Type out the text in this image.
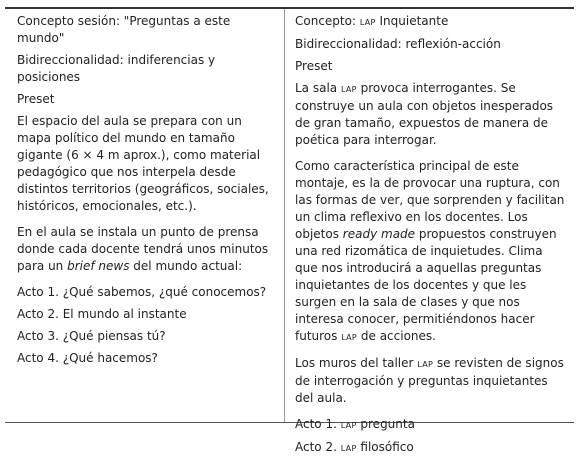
Concepto sesión: "Preguntas a este mundo"
Bidireccionalidad: indiferencias y posiciones
Preset
El espacio del aula se prepara con un mapa político del mundo en tamaño gigante (6 × 4 m aprox.), como material pedagógico que nos interpela desde distintos territorios (geográficos, sociales, históricos, emocionales, etc.).
En el aula se instala un punto de prensa donde cada docente tendrá unos minutos para un brief news del mundo actual:
Acto 1. ¿Qué sabemos, ¿qué conocemos?
Acto 2. El mundo al instante
Acto 3. ¿Qué piensas tú?
Acto 4. ¿Qué hacemos?
Concepto: LAP Inquietante
Bidireccionalidad: reflexión-acción
Preset
La sala LAP provoca interrogantes. Se construye un aula con objetos inesperados de gran tamaño, expuestos de manera de poética para interrogar.
Como característica principal de este montaje, es la de provocar una ruptura, con las formas de ver, que sorprenden y facilitan un clima reflexivo en los docentes. Los objetos ready made propuestos construyen una red rizomática de inquietudes. Clima que nos introducirá a aquellas preguntas inquietantes de los docentes y que les surgen en la sala de clases y que nos interesa conocer, permitiéndonos hacer futuros LAP de acciones.
Los muros del taller LAP se revisten de signos de interrogación y preguntas inquietantes del aula.
Acto 1. LAP pregunta
Acto 2. LAP filosófico
